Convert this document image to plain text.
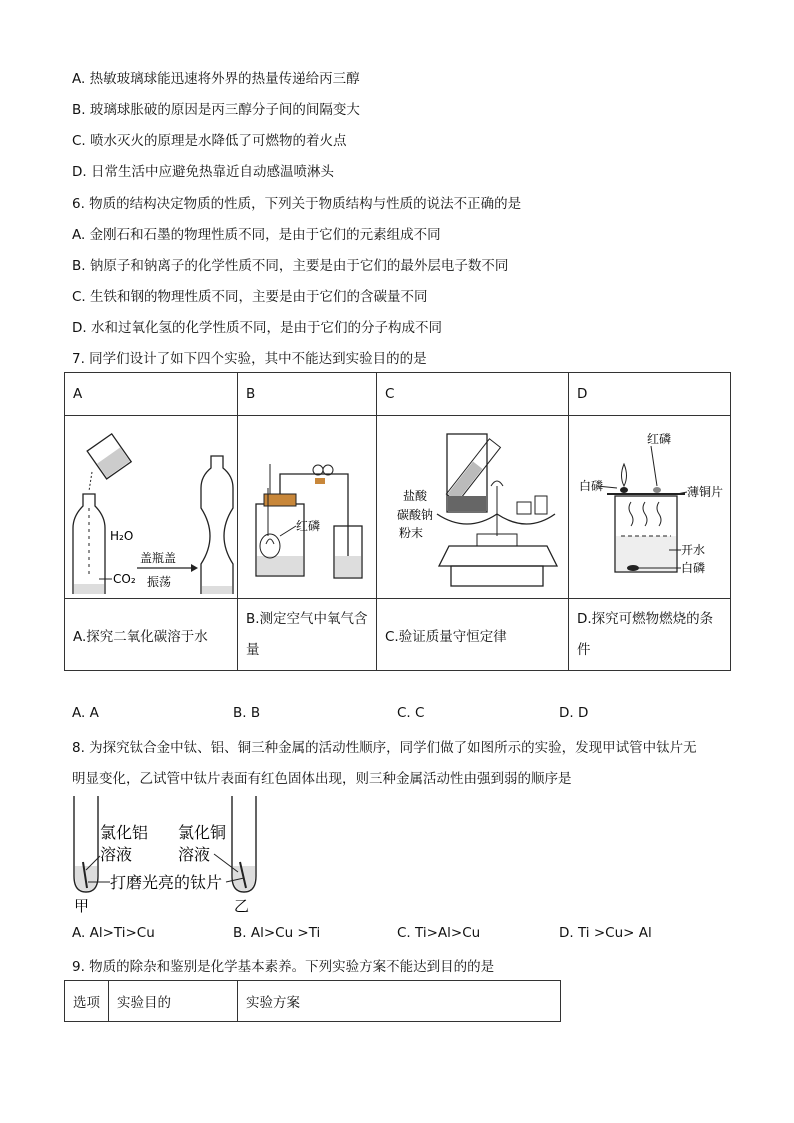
A. 热敏玻璃球能迅速将外界的热量传递给丙三醇
B. 玻璃球胀破的原因是丙三醇分子间的间隔变大
C. 喷水灭火的原理是水降低了可燃物的着火点
D. 日常生活中应避免热靠近自动感温喷淋头
6. 物质的结构决定物质的性质，下列关于物质结构与性质的说法不正确的是
A. 金刚石和石墨的物理性质不同，是由于它们的元素组成不同
B. 钠原子和钠离子的化学性质不同，主要是由于它们的最外层电子数不同
C. 生铁和钢的物理性质不同，主要是由于它们的含碳量不同
D. 水和过氧化氢的化学性质不同，是由于它们的分子构成不同
7. 同学们设计了如下四个实验，其中不能达到实验目的的是
A	B	C	D

H₂O
CO₂
盖瓶盖
振荡	红磷	盐酸
碳酸钠
粉末	红磷
白磷 薄铜片
开水
白磷

A.探究二氧化碳溶于水	B.测定空气中氧气含量	C.验证质量守恒定律	D.探究可燃物燃烧的条件
A. A	B. B	C. C	D. D
8. 为探究钛合金中钛、铝、铜三种金属的活动性顺序，同学们做了如图所示的实验，发现甲试管中钛片无
明显变化，乙试管中钛片表面有红色固体出现，则三种金属活动性由强到弱的顺序是
氯化铝
溶液
氯化铜
溶液
打磨光亮的钛片
甲	乙
A. Al>Ti>Cu	B. Al>Cu >Ti	C. Ti>Al>Cu	D. Ti >Cu> Al
9. 物质的除杂和鉴别是化学基本素养。下列实验方案不能达到目的的是
选项	实验目的	实验方案
